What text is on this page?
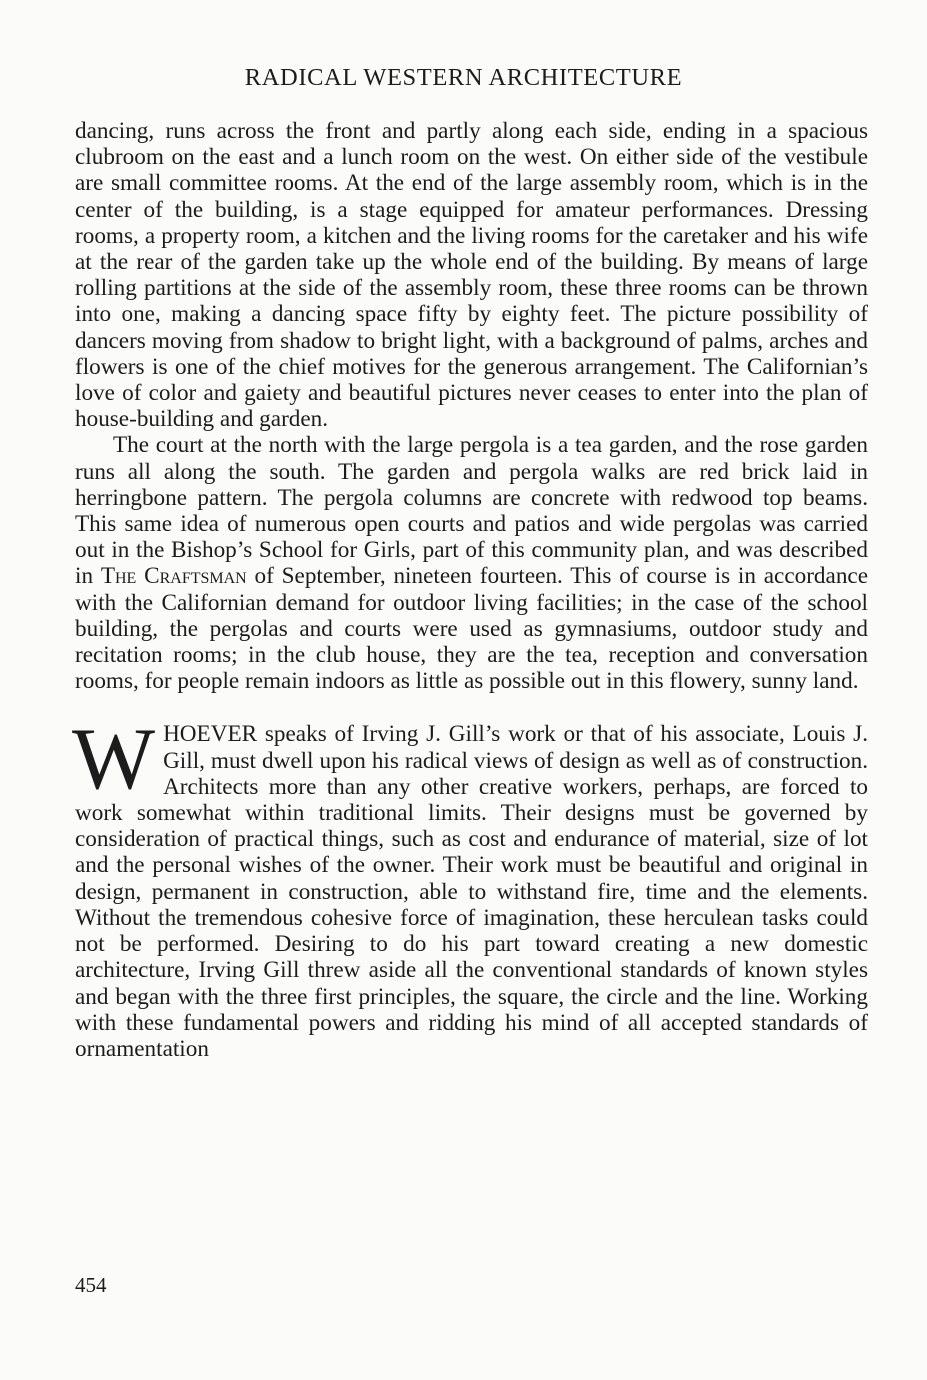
RADICAL WESTERN ARCHITECTURE

dancing, runs across the front and partly along each side, ending in a spacious clubroom on the east and a lunch room on the west. On either side of the vestibule are small committee rooms. At the end of the large assembly room, which is in the center of the building, is a stage equipped for amateur performances. Dressing rooms, a property room, a kitchen and the living rooms for the caretaker and his wife at the rear of the garden take up the whole end of the building. By means of large rolling partitions at the side of the assembly room, these three rooms can be thrown into one, making a dancing space fifty by eighty feet. The picture possibility of dancers moving from shadow to bright light, with a background of palms, arches and flowers is one of the chief motives for the generous arrangement. The Californian’s love of color and gaiety and beautiful pictures never ceases to enter into the plan of house-building and garden.

The court at the north with the large pergola is a tea garden, and the rose garden runs all along the south. The garden and pergola walks are red brick laid in herringbone pattern. The pergola columns are concrete with redwood top beams. This same idea of numerous open courts and patios and wide pergolas was carried out in the Bishop’s School for Girls, part of this community plan, and was described in The Craftsman of September, nineteen fourteen. This of course is in accordance with the Californian demand for outdoor living facilities; in the case of the school building, the pergolas and courts were used as gymnasiums, outdoor study and recitation rooms; in the club house, they are the tea, reception and conversation rooms, for people remain indoors as little as possible out in this flowery, sunny land.

WHOEVER speaks of Irving J. Gill’s work or that of his associate, Louis J. Gill, must dwell upon his radical views of design as well as of construction. Architects more than any other creative workers, perhaps, are forced to work somewhat within traditional limits. Their designs must be governed by consideration of practical things, such as cost and endurance of material, size of lot and the personal wishes of the owner. Their work must be beautiful and original in design, permanent in construction, able to withstand fire, time and the elements. Without the tremendous cohesive force of imagination, these herculean tasks could not be performed. Desiring to do his part toward creating a new domestic architecture, Irving Gill threw aside all the conventional standards of known styles and began with the three first principles, the square, the circle and the line. Working with these fundamental powers and ridding his mind of all accepted standards of ornamentation

454
